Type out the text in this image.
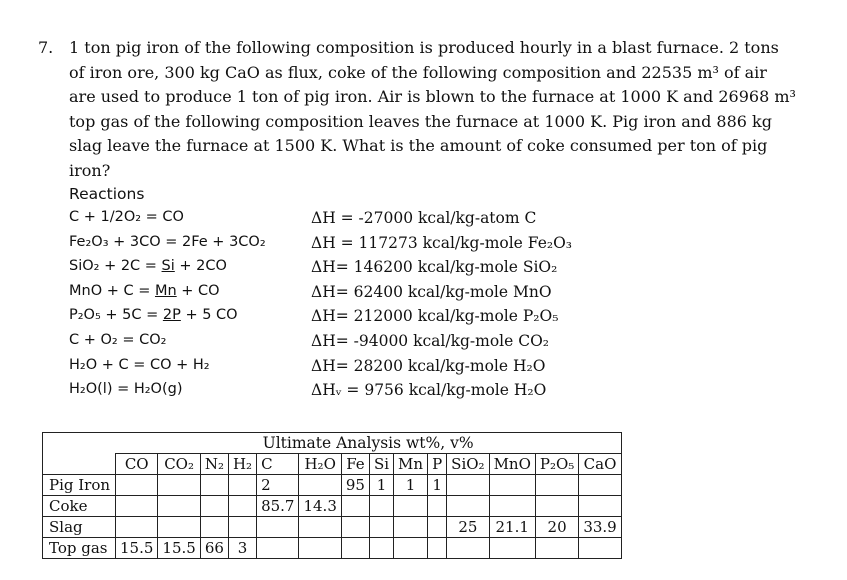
7. 1 ton pig iron of the following composition is produced hourly in a blast furnace. 2 tons of iron ore, 300 kg CaO as flux, coke of the following composition and 22535 m³ of air are used to produce 1 ton of pig iron. Air is blown to the furnace at 1000 K and 26968 m³ top gas of the following composition leaves the furnace at 1000 K. Pig iron and 886 kg slag leave the furnace at 1500 K. What is the amount of coke consumed per ton of pig iron?
Reactions
C + 1/2O₂ = CO	ΔH = -27000 kcal/kg-atom C
Fe₂O₃ + 3CO = 2Fe + 3CO₂	ΔH = 117273 kcal/kg-mole Fe₂O₃
SiO₂ + 2C = Si + 2CO	ΔH= 146200 kcal/kg-mole SiO₂
MnO + C = Mn + CO	ΔH= 62400 kcal/kg-mole MnO
P₂O₅ + 5C = 2P + 5 CO	ΔH= 212000 kcal/kg-mole P₂O₅
C + O₂ = CO₂	ΔH= -94000 kcal/kg-mole CO₂
H₂O + C = CO + H₂	ΔH= 28200 kcal/kg-mole H₂O
H₂O(l) = H₂O(g)	ΔHᵥ = 9756 kcal/kg-mole H₂O
	Ultimate Analysis wt%, v%													
	CO	CO₂	N₂	H₂	C	H₂O	Fe	Si	Mn	P	SiO₂	MnO	P₂O₅	CaO
Pig Iron					2		95	1	1	1				
Coke					85.7	14.3								
Slag											25	21.1	20	33.9
Top gas	15.5	15.5	66	3										
